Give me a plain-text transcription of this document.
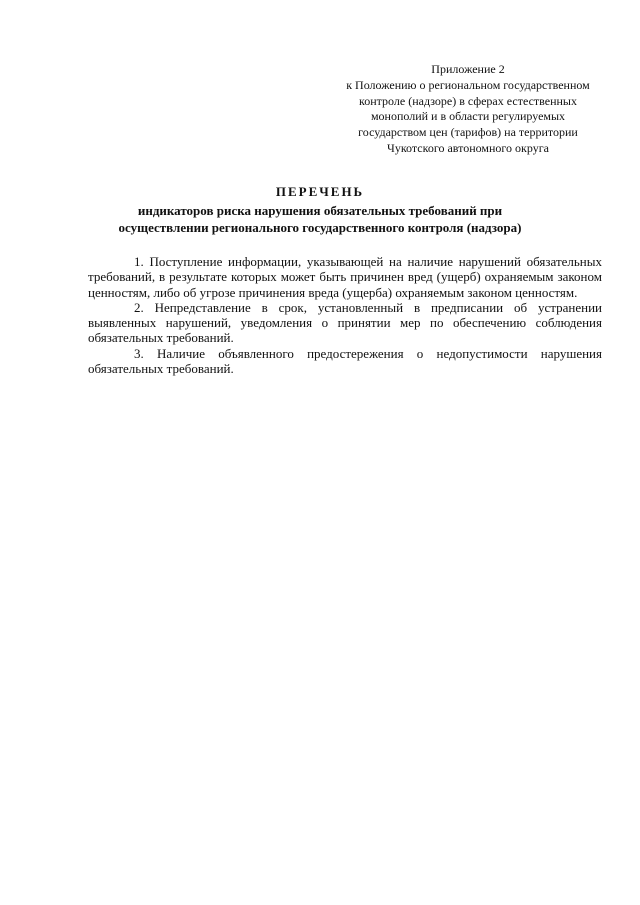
Приложение 2
к Положению о региональном государственном
контроле (надзоре) в сферах естественных
монополий и в области регулируемых
государством цен (тарифов) на территории
Чукотского автономного округа
ПЕРЕЧЕНЬ
индикаторов риска нарушения обязательных требований при
осуществлении регионального государственного контроля (надзора)

1. Поступление информации, указывающей на наличие нарушений обязательных требований, в результате которых может быть причинен вред (ущерб) охраняемым законом ценностям, либо об угрозе причинения вреда (ущерба) охраняемым законом ценностям.

2. Непредставление в срок, установленный в предписании об устранении выявленных нарушений, уведомления о принятии мер по обеспечению соблюдения обязательных требований.

3. Наличие объявленного предостережения о недопустимости нарушения обязательных требований.
